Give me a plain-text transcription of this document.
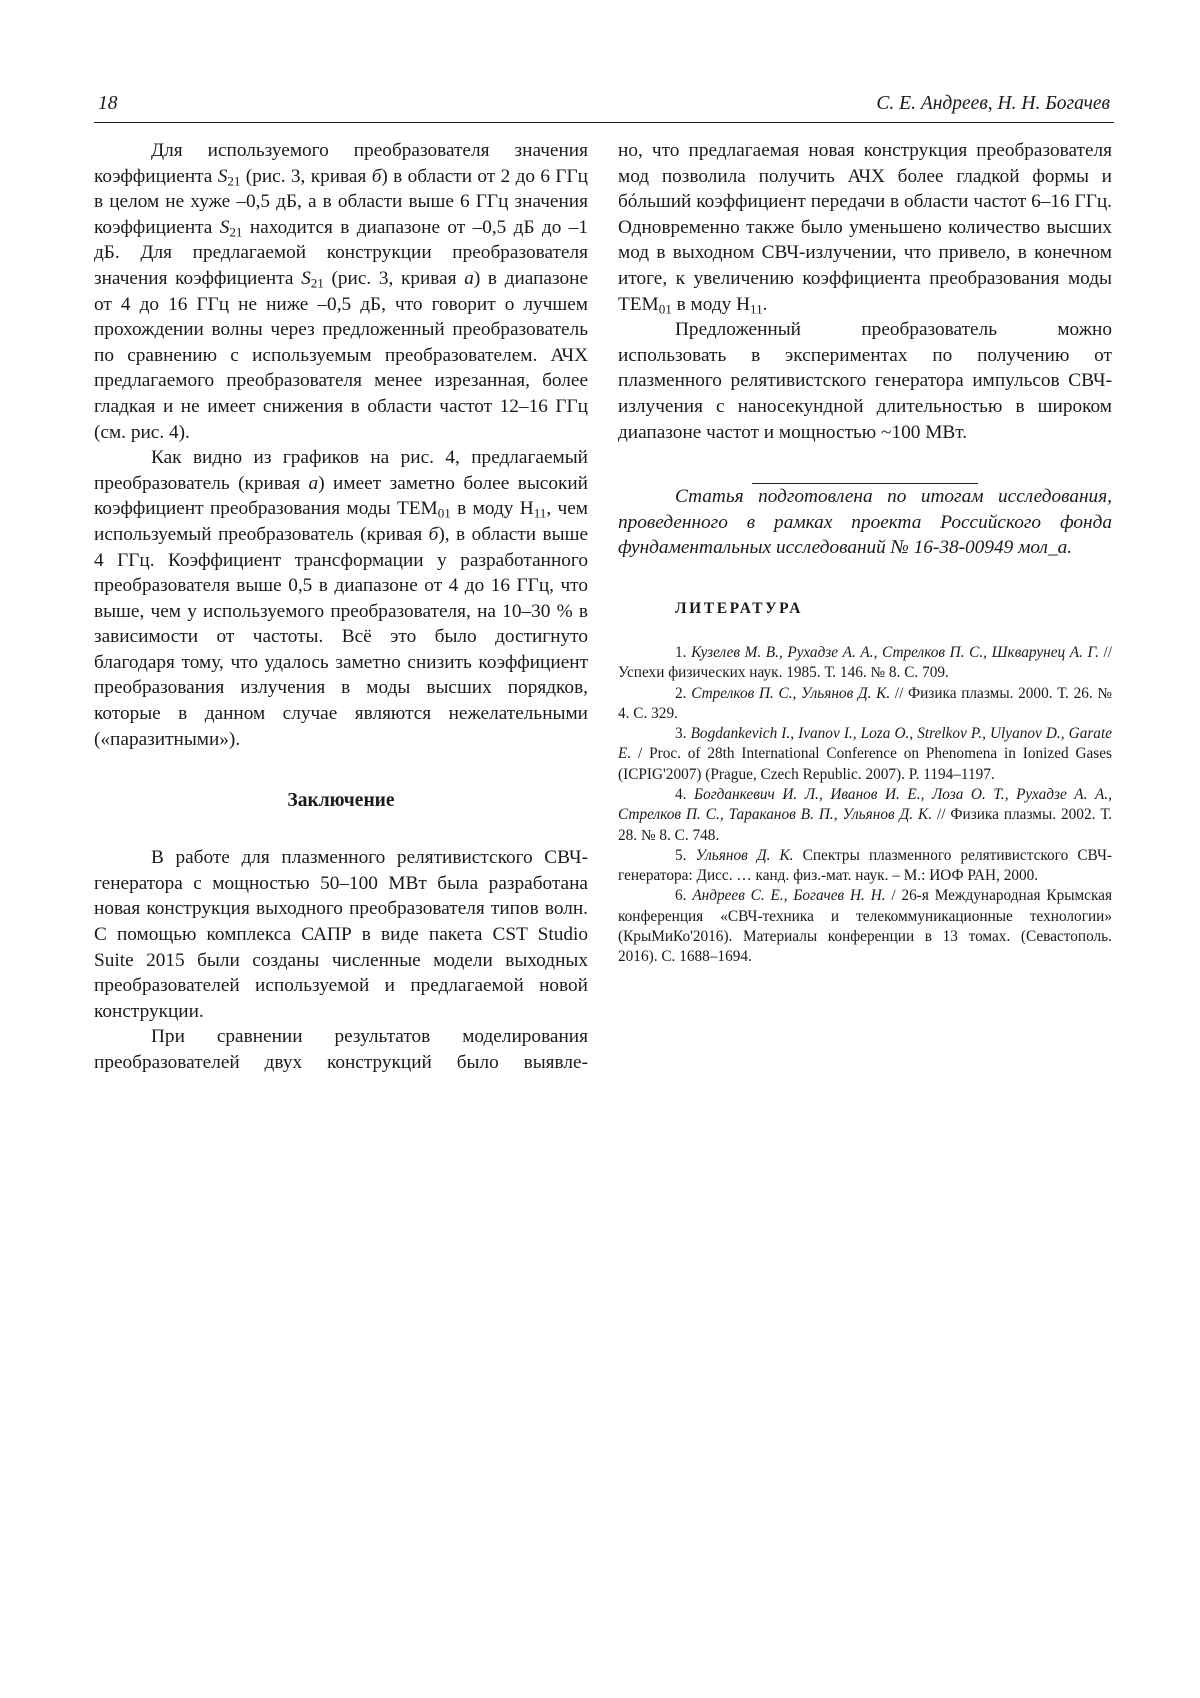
18	С. Е. Андреев, Н. Н. Богачев

Для используемого преобразователя значения коэффициента $S_{21}$ (рис. 3, кривая б) в области от 2 до 6 ГГц в целом не хуже –0,5 дБ, а в области выше 6 ГГц значения коэффициента $S_{21}$ находится в диапазоне от –0,5 дБ до –1 дБ. Для предлагаемой конструкции преобразователя значения коэффициента $S_{21}$ (рис. 3, кривая а) в диапазоне от 4 до 16 ГГц не ниже –0,5 дБ, что говорит о лучшем прохождении волны через предложенный преобразователь по сравнению с используемым преобразователем. АЧХ предлагаемого преобразователя менее изрезанная, более гладкая и не имеет снижения в области частот 12–16 ГГц (см. рис. 4).

Как видно из графиков на рис. 4, предлагаемый преобразователь (кривая а) имеет заметно более высокий коэффициент преобразования моды $ТЕМ_{01}$ в моду $Н_{11}$, чем используемый преобразователь (кривая б), в области выше 4 ГГц. Коэффициент трансформации у разработанного преобразователя выше 0,5 в диапазоне от 4 до 16 ГГц, что выше, чем у используемого преобразователя, на 10–30 % в зависимости от частоты. Всё это было достигнуто благодаря тому, что удалось заметно снизить коэффициент преобразования излучения в моды высших порядков, которые в данном случае являются нежелательными («паразитными»).

Заключение

В работе для плазменного релятивистского СВЧ-генератора с мощностью 50–100 МВт была разработана новая конструкция выходного преобразователя типов волн. С помощью комплекса САПР в виде пакета CST Studio Suite 2015 были созданы численные модели выходных преобразователей используемой и предлагаемой новой конструкции.

При сравнении результатов моделирования преобразователей двух конструкций было выявле-

но, что предлагаемая новая конструкция преобразователя мод позволила получить АЧХ более гладкой формы и бóльший коэффициент передачи в области частот 6–16 ГГц. Одновременно также было уменьшено количество высших мод в выходном СВЧ-излучении, что привело, в конечном итоге, к увеличению коэффициента преобразования моды $ТЕМ_{01}$ в моду $Н_{11}$.

Предложенный преобразователь можно использовать в экспериментах по получению от плазменного релятивистского генератора импульсов СВЧ-излучения с наносекундной длительностью в широком диапазоне частот и мощностью ~100 МВт.

Статья подготовлена по итогам исследования, проведенного в рамках проекта Российского фонда фундаментальных исследований № 16-38-00949 мол_а.

ЛИТЕРАТУРА

1. Кузелев М. В., Рухадзе А. А., Стрелков П. С., Шкварунец А. Г. // Успехи физических наук. 1985. Т. 146. № 8. С. 709.

2. Стрелков П. С., Ульянов Д. К. // Физика плазмы. 2000. Т. 26. № 4. С. 329.

3. Bogdankevich I., Ivanov I., Loza O., Strelkov P., Ulyanov D., Garate E. / Proc. of 28th International Conference on Phenomena in Ionized Gases (ICPIG'2007) (Prague, Czech Republic. 2007). P. 1194–1197.

4. Богданкевич И. Л., Иванов И. Е., Лоза О. Т., Рухадзе А. А., Стрелков П. С., Тараканов В. П., Ульянов Д. К. // Физика плазмы. 2002. Т. 28. № 8. С. 748.

5. Ульянов Д. К. Спектры плазменного релятивистского СВЧ-генератора: Дисс. … канд. физ.-мат. наук. – М.: ИОФ РАН, 2000.

6. Андреев С. Е., Богачев Н. Н. / 26-я Международная Крымская конференция «СВЧ-техника и телекоммуникационные технологии» (КрыМиКо'2016). Материалы конференции в 13 томах. (Севастополь. 2016). С. 1688–1694.
